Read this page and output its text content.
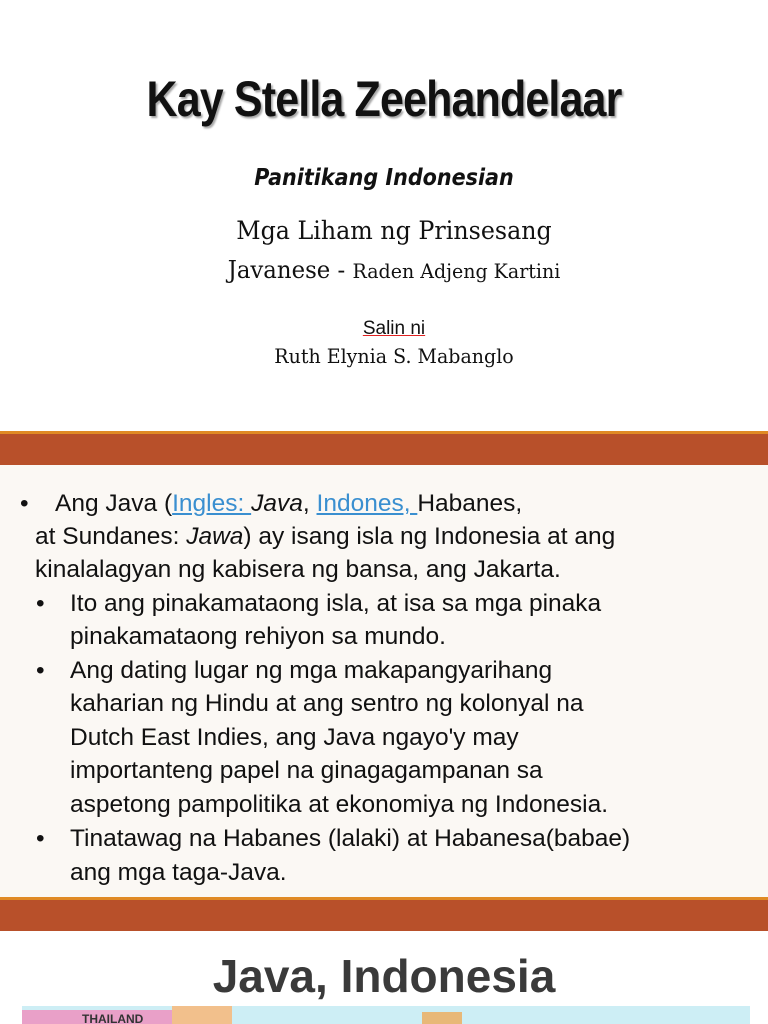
Kay Stella Zeehandelaar
Panitikang Indonesian
Mga Liham ng Prinsesang
Javanese - Raden Adjeng Kartini
Salin ni
Ruth Elynia S. Mabanglo
• Ang Java (Ingles: Java, Indones, Habanes,
at Sundanes: Jawa) ay isang isla ng Indonesia at ang
kinalalagyan ng kabisera ng bansa, ang Jakarta.
• Ito ang pinakamataong isla, at isa sa mga pinaka
pinakamataong rehiyon sa mundo.
• Ang dating lugar ng mga makapangyarihang
kaharian ng Hindu at ang sentro ng kolonyal na
Dutch East Indies, ang Java ngayo'y may
importanteng papel na ginagagampanan sa
aspetong pampolitika at ekonomiya ng Indonesia.
• Tinatawag na Habanes (lalaki) at Habanesa(babae)
ang mga taga-Java.
Java, Indonesia
THAILAND
